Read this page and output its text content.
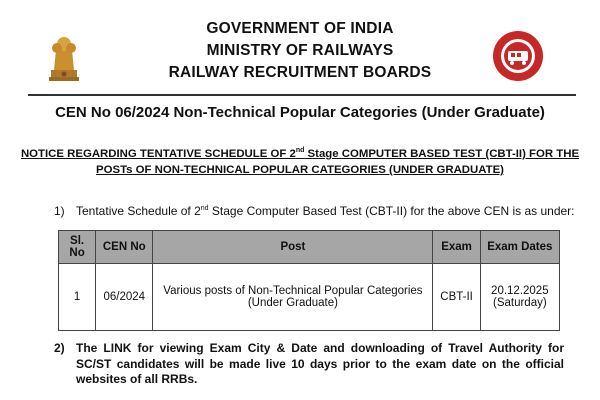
GOVERNMENT OF INDIA
MINISTRY OF RAILWAYS
RAILWAY RECRUITMENT BOARDS
CEN No 06/2024 Non-Technical Popular Categories (Under Graduate)
NOTICE REGARDING TENTATIVE SCHEDULE OF 2nd Stage COMPUTER BASED TEST (CBT-II) FOR THE POSTs OF NON-TECHNICAL POPULAR CATEGORIES (UNDER GRADUATE)
1) Tentative Schedule of 2nd Stage Computer Based Test (CBT-II) for the above CEN is as under:
Sl. No	CEN No	Post	Exam	Exam Dates
1	06/2024	Various posts of Non-Technical Popular Categories (Under Graduate)	CBT-II	20.12.2025
(Saturday)
2) The LINK for viewing Exam City & Date and downloading of Travel Authority for SC/ST candidates will be made live 10 days prior to the exam date on the official websites of all RRBs.
